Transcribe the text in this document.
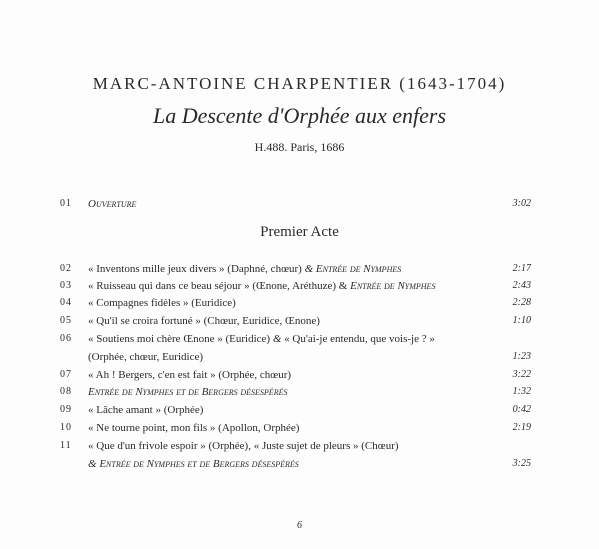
MARC-ANTOINE CHARPENTIER (1643-1704)
La Descente d'Orphée aux enfers
H.488. Paris, 1686
01	Ouverture	3:02
Premier Acte
02	« Inventons mille jeux divers » (Daphné, chœur) & Entrée de Nymphes	2:17
03	« Ruisseau qui dans ce beau séjour » (Œnone, Aréthuze) & Entrée de Nymphes	2:43
04	« Compagnes fidèles » (Euridice)	2:28
05	« Qu'il se croira fortuné » (Chœur, Euridice, Œnone)	1:10
06	« Soutiens moi chère Œnone » (Euridice) & « Qu'ai-je entendu, que vois-je ? »
(Orphée, chœur, Euridice)	1:23
07	« Ah ! Bergers, c'en est fait » (Orphée, chœur)	3:22
08	Entrée de Nymphes et de Bergers désespérés	1:32
09	« Lâche amant » (Orphée)	0:42
10	« Ne tourne point, mon fils » (Apollon, Orphée)	2:19
11	« Que d'un frivole espoir » (Orphée), « Juste sujet de pleurs » (Chœur)
& Entrée de Nymphes et de Bergers désespérés	3:25
6
